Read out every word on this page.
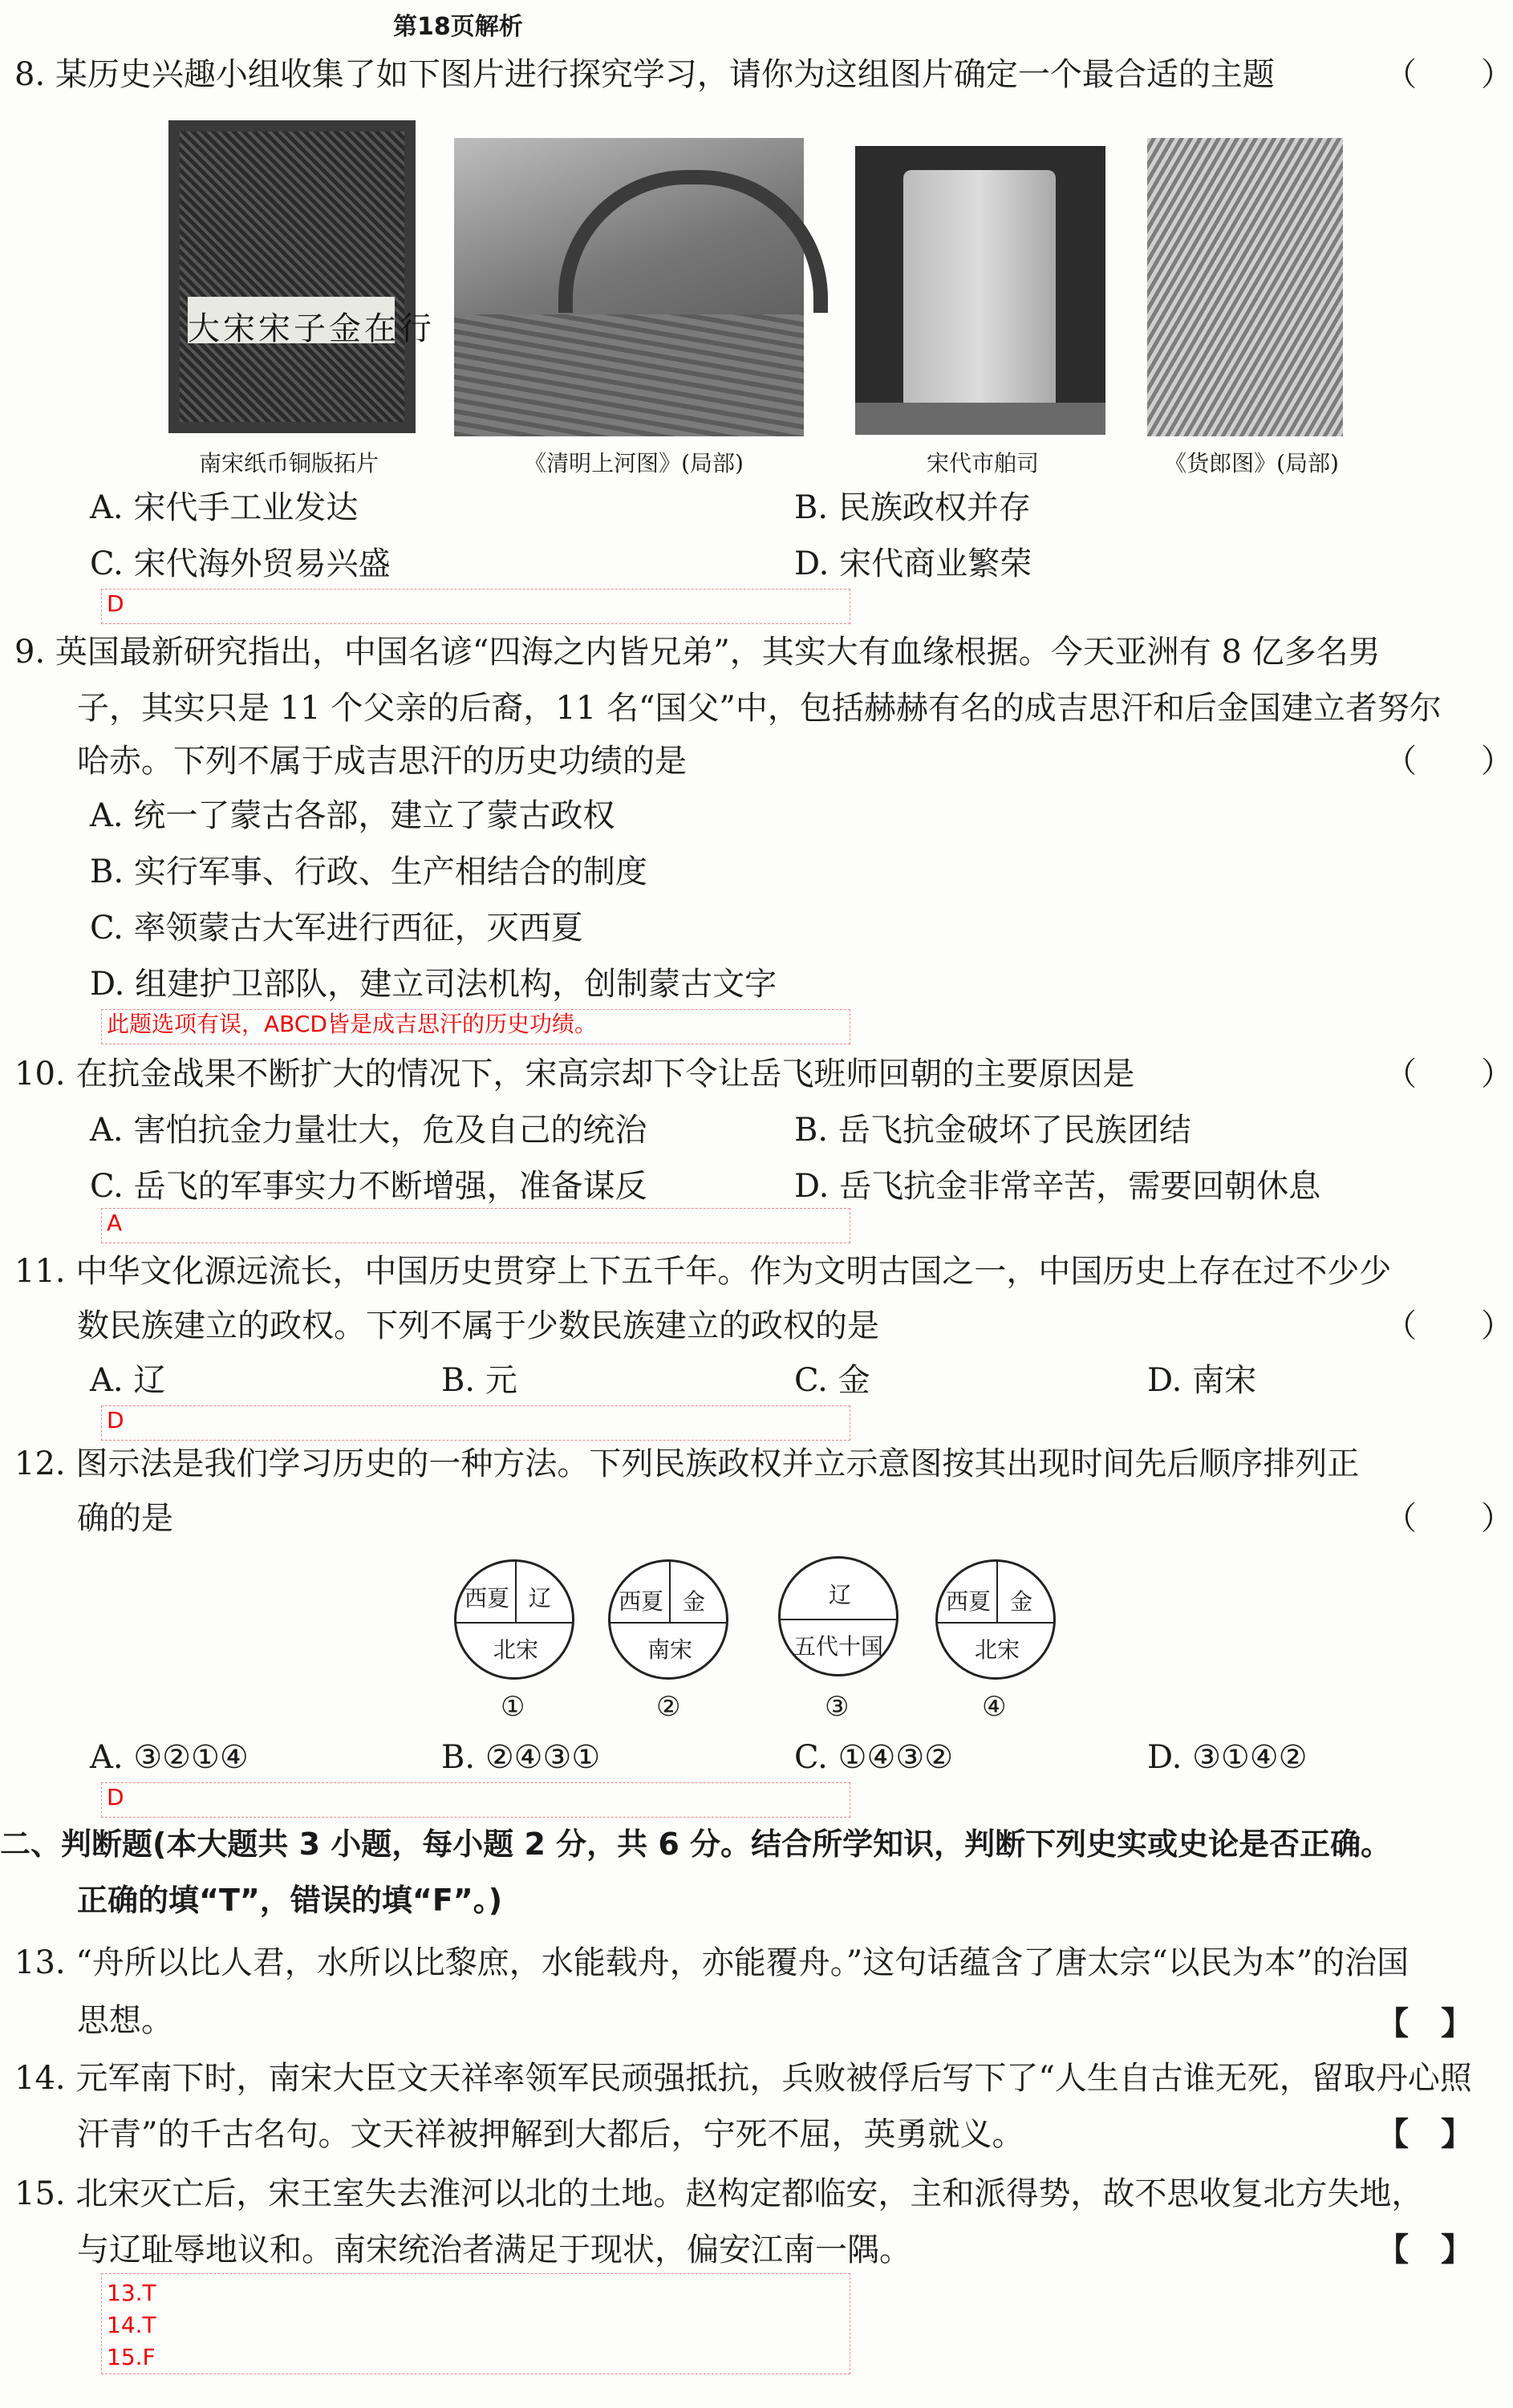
第18页解析
8. 某历史兴趣小组收集了如下图片进行探究学习，请你为这组图片确定一个最合适的主题	（　　）
大宋宋子金在行
南宋纸币铜版拓片	《清明上河图》(局部)	宋代市舶司	《货郎图》(局部)
A. 宋代手工业发达	B. 民族政权并存
C. 宋代海外贸易兴盛	D. 宋代商业繁荣
D
9. 英国最新研究指出，中国名谚“四海之内皆兄弟”，其实大有血缘根据。今天亚洲有 8 亿多名男
子，其实只是 11 个父亲的后裔，11 名“国父”中，包括赫赫有名的成吉思汗和后金国建立者努尔
哈赤。下列不属于成吉思汗的历史功绩的是	（　　）
A. 统一了蒙古各部，建立了蒙古政权
B. 实行军事、行政、生产相结合的制度
C. 率领蒙古大军进行西征，灭西夏
D. 组建护卫部队，建立司法机构，创制蒙古文字
此题选项有误，ABCD皆是成吉思汗的历史功绩。
10. 在抗金战果不断扩大的情况下，宋高宗却下令让岳飞班师回朝的主要原因是	（　　）
A. 害怕抗金力量壮大，危及自己的统治	B. 岳飞抗金破坏了民族团结
C. 岳飞的军事实力不断增强，准备谋反	D. 岳飞抗金非常辛苦，需要回朝休息
A
11. 中华文化源远流长，中国历史贯穿上下五千年。作为文明古国之一，中国历史上存在过不少少
数民族建立的政权。下列不属于少数民族建立的政权的是	（　　）
A. 辽	B. 元	C. 金	D. 南宋
D
12. 图示法是我们学习历史的一种方法。下列民族政权并立示意图按其出现时间先后顺序排列正
确的是	（　　）
西夏 辽
北宋
西夏 金
南宋
辽
五代十国
西夏 金
北宋
①	②	③	④
A. ③②①④	B. ②④③①	C. ①④③②	D. ③①④②
D
二、判断题(本大题共 3 小题，每小题 2 分，共 6 分。结合所学知识，判断下列史实或史论是否正确。
正确的填“T”，错误的填“F”。)
13. “舟所以比人君，水所以比黎庶，水能载舟，亦能覆舟。”这句话蕴含了唐太宗“以民为本”的治国
思想。	【　】
14. 元军南下时，南宋大臣文天祥率领军民顽强抵抗，兵败被俘后写下了“人生自古谁无死，留取丹心照
汗青”的千古名句。文天祥被押解到大都后，宁死不屈，英勇就义。	【　】
15. 北宋灭亡后，宋王室失去淮河以北的土地。赵构定都临安，主和派得势，故不思收复北方失地，
与辽耻辱地议和。南宋统治者满足于现状，偏安江南一隅。	【　】
13.T
14.T
15.F
